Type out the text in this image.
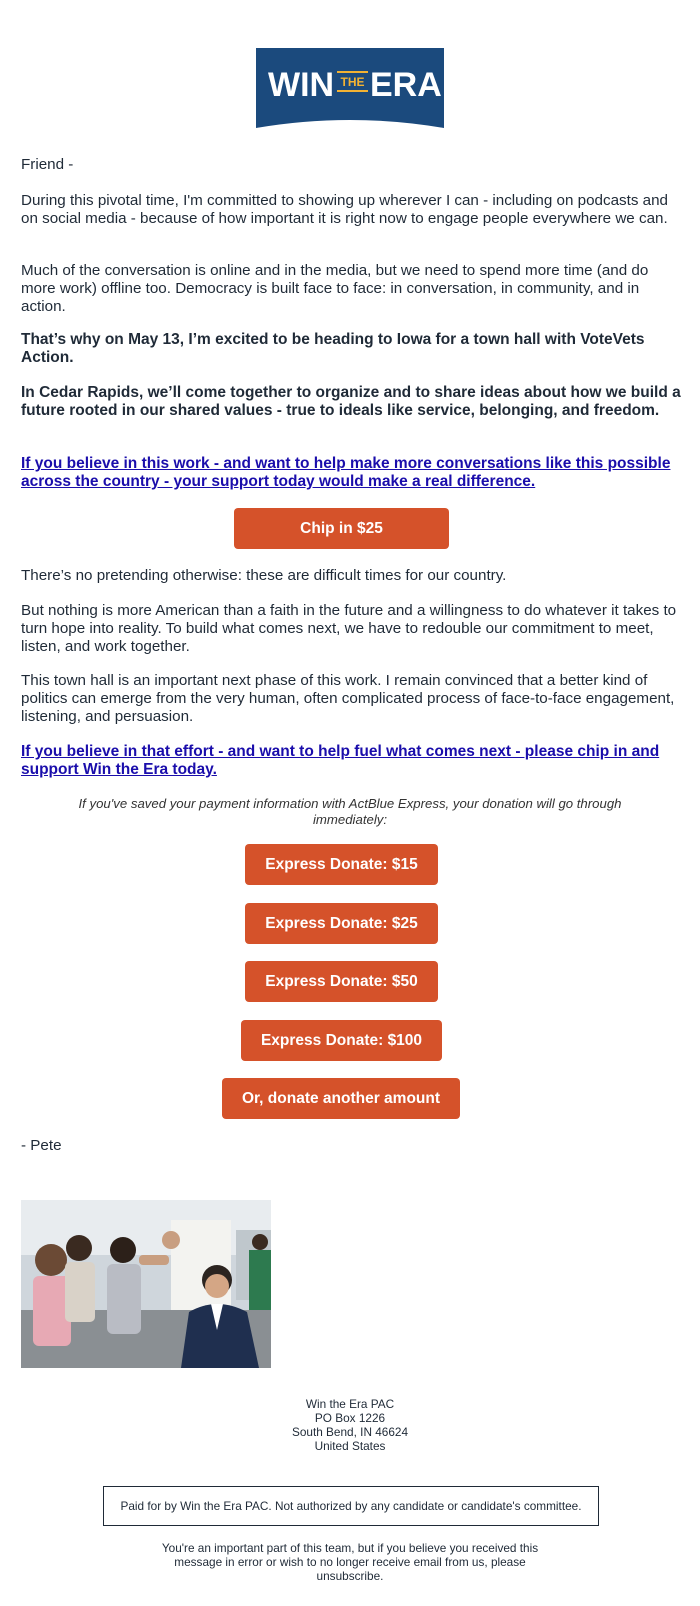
WIN THE ERA

Friend -

During this pivotal time, I'm committed to showing up wherever I can - including on podcasts and on social media - because of how important it is right now to engage people everywhere we can.

Much of the conversation is online and in the media, but we need to spend more time (and do more work) offline too. Democracy is built face to face: in conversation, in community, and in action.

That’s why on May 13, I’m excited to be heading to Iowa for a town hall with VoteVets Action.

In Cedar Rapids, we’ll come together to organize and to share ideas about how we build a future rooted in our shared values - true to ideals like service, belonging, and freedom.

If you believe in this work - and want to help make more conversations like this possible across the country - your support today would make a real difference.
Chip in $25

There’s no pretending otherwise: these are difficult times for our country.

But nothing is more American than a faith in the future and a willingness to do whatever it takes to turn hope into reality. To build what comes next, we have to redouble our commitment to meet, listen, and work together.

This town hall is an important next phase of this work. I remain convinced that a better kind of politics can emerge from the very human, often complicated process of face-to-face engagement, listening, and persuasion.

If you believe in that effort - and want to help fuel what comes next - please chip in and support Win the Era today.
If you've saved your payment information with ActBlue Express, your donation will go through immediately:
Express Donate: $15
Express Donate: $25
Express Donate: $50
Express Donate: $100
Or, donate another amount

- Pete

Win the Era PAC
PO Box 1226
South Bend, IN 46624
United States
Paid for by Win the Era PAC. Not authorized by any candidate or candidate's committee.
You're an important part of this team, but if you believe you received this message in error or wish to no longer receive email from us, please unsubscribe.
